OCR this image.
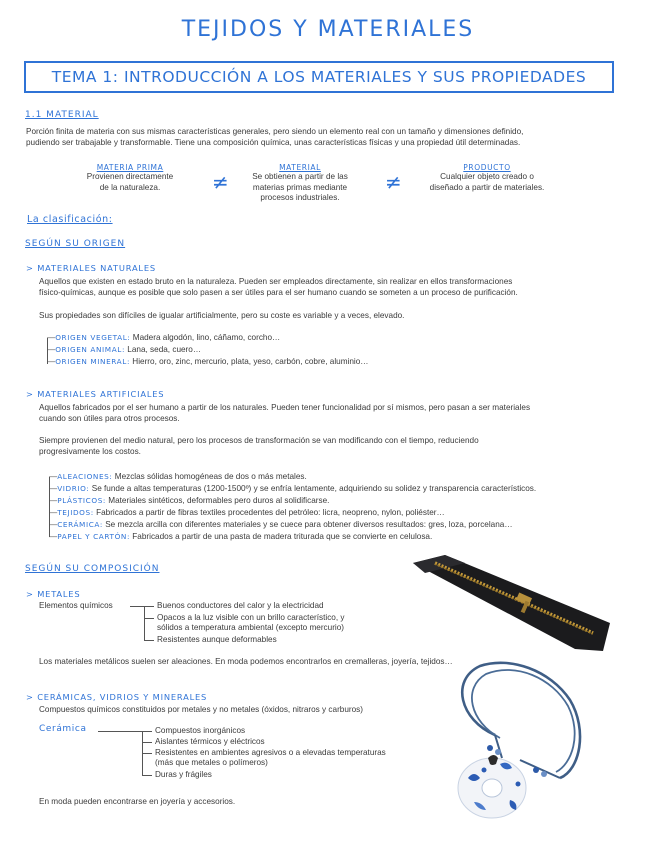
TEJIDOS Y MATERIALES
TEMA 1: INTRODUCCIÓN A LOS MATERIALES Y SUS PROPIEDADES
1.1 MATERIAL
Porción finita de materia con sus mismas características generales, pero siendo un elemento real con un tamaño y dimensiones definido,
pudiendo ser trabajable y transformable. Tiene una composición química, unas características físicas y una propiedad útil determinadas.
MATERIA PRIMA
Provienen directamente
de la naturaleza.	≠
MATERIAL
Se obtienen a partir de las
materias primas mediante
procesos industriales.
≠
PRODUCTO
Cualquier objeto creado o
diseñado a partir de materiales.
La clasificación:
SEGÚN SU ORIGEN
> MATERIALES NATURALES
Aquellos que existen en estado bruto en la naturaleza. Pueden ser empleados directamente, sin realizar en ellos transformaciones
físico-químicas, aunque es posible que solo pasen a ser útiles para el ser humano cuando se someten a un proceso de purificación.
Sus propiedades son difíciles de igualar artificialmente, pero su coste es variable y a veces, elevado.
—ORIGEN VEGETAL: Madera algodón, lino, cáñamo, corcho…
—ORIGEN ANIMAL: Lana, seda, cuero…
—ORIGEN MINERAL: Hierro, oro, zinc, mercurio, plata, yeso, carbón, cobre, aluminio…
> MATERIALES ARTIFICIALES
Aquellos fabricados por el ser humano a partir de los naturales. Pueden tener funcionalidad por sí mismos, pero pasan a ser materiales
cuando son útiles para otros procesos.
Siempre provienen del medio natural, pero los procesos de transformación se van modificando con el tiempo, reduciendo
progresivamente los costos.
—ALEACIONES: Mezclas sólidas homogéneas de dos o más metales.
—VIDRIO: Se funde a altas temperaturas (1200-1500º) y se enfría lentamente, adquiriendo su solidez y transparencia característicos.
—PLÁSTICOS: Materiales sintéticos, deformables pero duros al solidificarse.
—TEJIDOS: Fabricados a partir de fibras textiles procedentes del petróleo: licra, neopreno, nylon, poliéster…
—CERÁMICA: Se mezcla arcilla con diferentes materiales y se cuece para obtener diversos resultados: gres, loza, porcelana…
—PAPEL Y CARTÓN: Fabricados a partir de una pasta de madera triturada que se convierte en celulosa.
SEGÚN SU COMPOSICIÓN
> METALES
Elementos químicos	Buenos conductores del calor y la electricidad
Opacos a la luz visible con un brillo característico, y
sólidos a temperatura ambiental (excepto mercurio)
Resistentes aunque deformables
Los materiales metálicos suelen ser aleaciones. En moda podemos encontrarlos en cremalleras, joyería, tejidos…
> CERÁMICAS, VIDRIOS Y MINERALES
Compuestos químicos constituidos por metales y no metales (óxidos, nitraros y carburos)
Cerámica	Compuestos inorgánicos
Aislantes térmicos y eléctricos
Resistentes en ambientes agresivos o a elevadas temperaturas
(más que metales o polímeros)
Duras y frágiles
En moda pueden encontrarse en joyería y accesorios.
